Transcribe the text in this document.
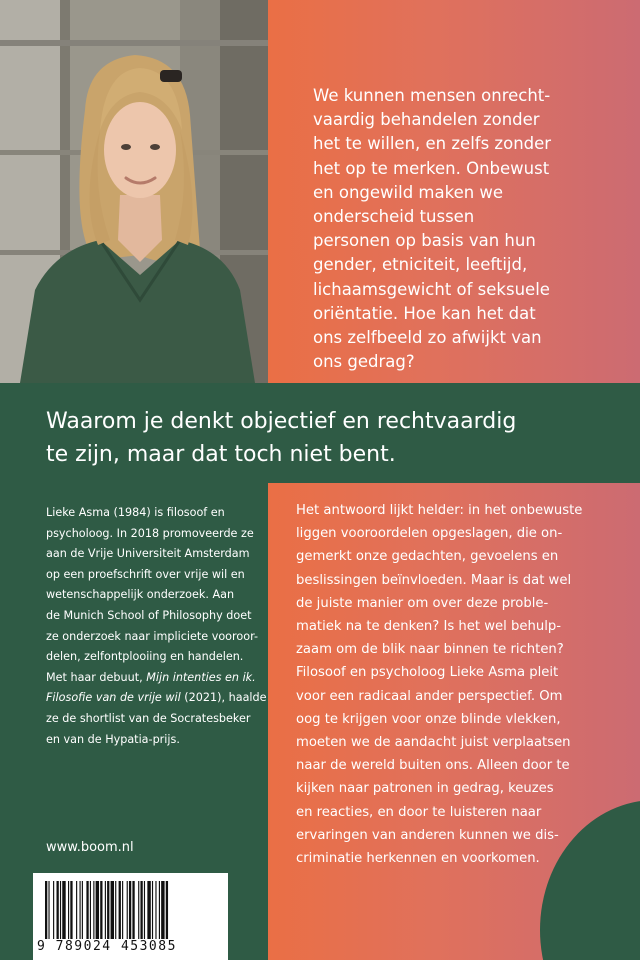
We kunnen mensen onrecht-
vaardig behandelen zonder
het te willen, en zelfs zonder
het op te merken. Onbewust
en ongewild maken we
onderscheid tussen
personen op basis van hun
gender, etniciteit, leeftijd,
lichaamsgewicht of seksuele
oriëntatie. Hoe kan het dat
ons zelfbeeld zo afwijkt van
ons gedrag?
Waarom je denkt objectief en rechtvaardig
te zijn, maar dat toch niet bent.
Lieke Asma (1984) is filosoof en
psycholoog. In 2018 promoveerde ze
aan de Vrije Universiteit Amsterdam
op een proefschrift over vrije wil en
wetenschappelijk onderzoek. Aan
de Munich School of Philosophy doet
ze onderzoek naar impliciete vooroor-
delen, zelfontplooiing en handelen.
Met haar debuut, Mijn intenties en ik.
Filosofie van de vrije wil (2021), haalde
ze de shortlist van de Socratesbeker
en van de Hypatia-prijs.
Het antwoord lijkt helder: in het onbewuste
liggen vooroordelen opgeslagen, die on-
gemerkt onze gedachten, gevoelens en
beslissingen beïnvloeden. Maar is dat wel
de juiste manier om over deze proble-
matiek na te denken? Is het wel behulp-
zaam om de blik naar binnen te richten?
Filosoof en psycholoog Lieke Asma pleit
voor een radicaal ander perspectief. Om
oog te krijgen voor onze blinde vlekken,
moeten we de aandacht juist verplaatsen
naar de wereld buiten ons. Alleen door te
kijken naar patronen in gedrag, keuzes
en reacties, en door te luisteren naar
ervaringen van anderen kunnen we dis-
criminatie herkennen en voorkomen.
www.boom.nl
9 789024 453085
